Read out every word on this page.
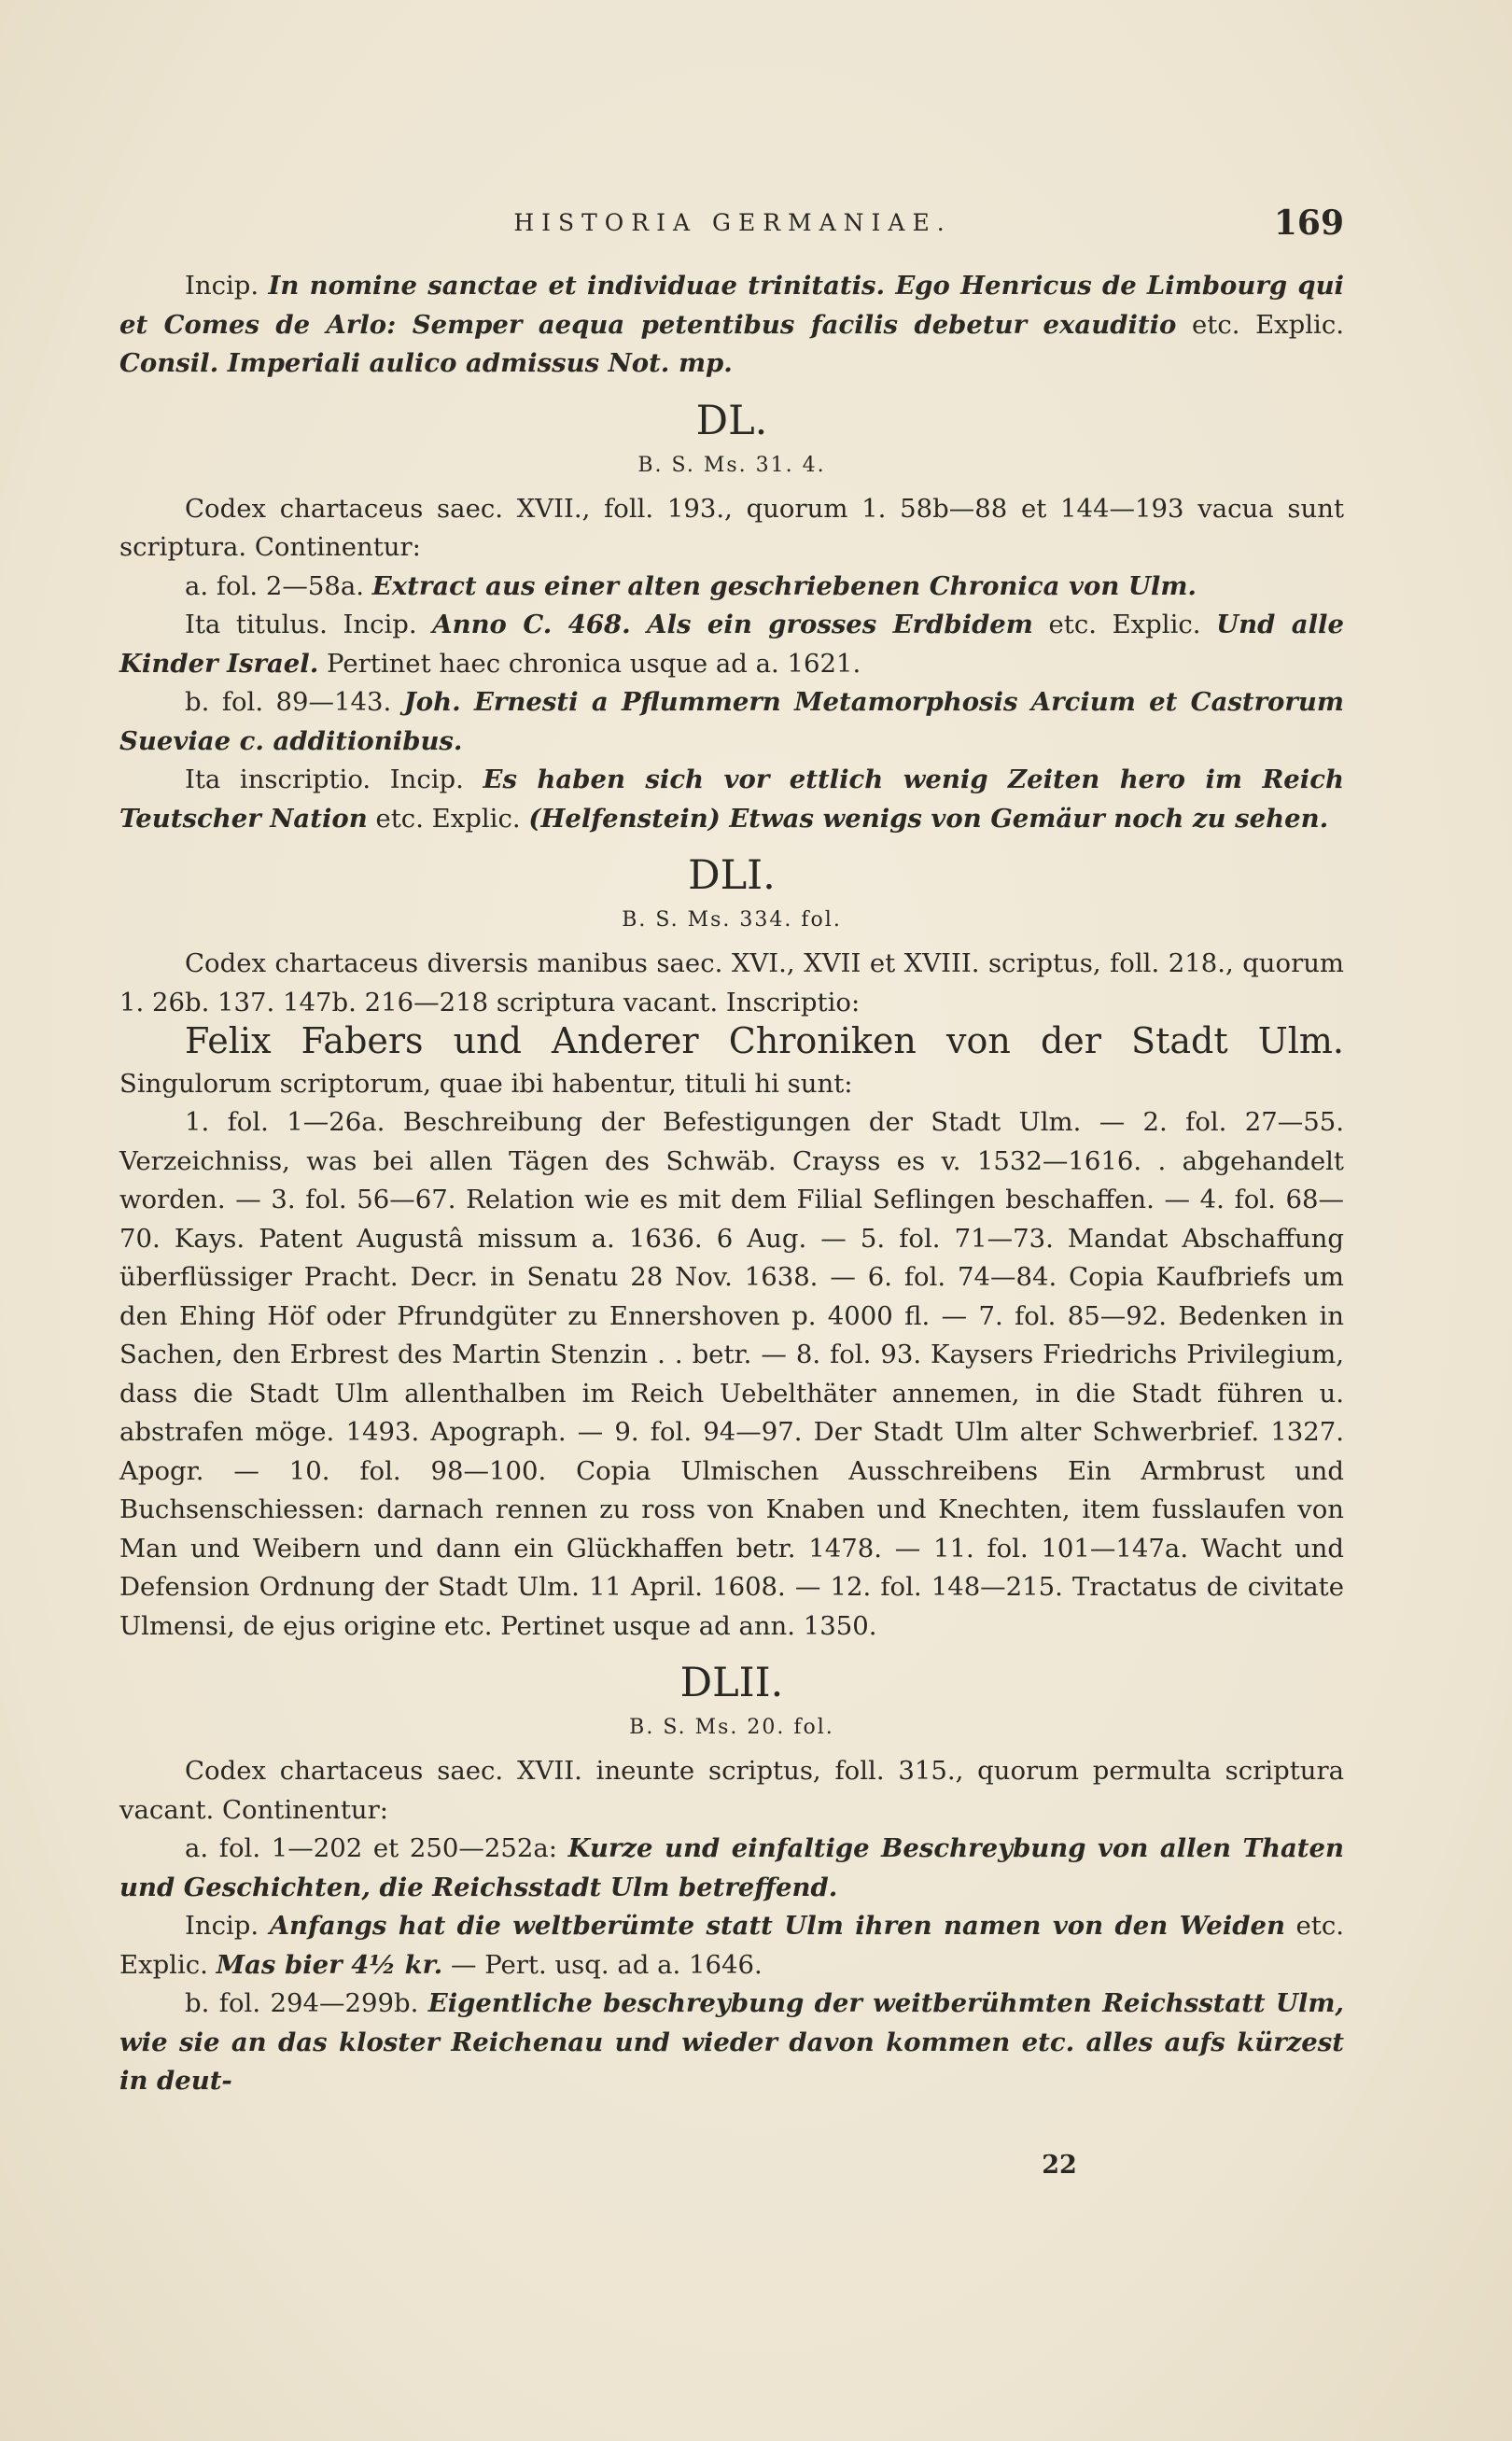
HISTORIA GERMANIAE.	169

Incip. In nomine sanctae et individuae trinitatis. Ego Henricus de Limbourg qui et Comes de Arlo: Semper aequa petentibus facilis debetur exauditio etc. Explic. Consil. Imperiali aulico admissus Not. mp.

DL.
B. S. Ms. 31. 4.

Codex chartaceus saec. XVII., foll. 193., quorum 1. 58b—88 et 144—193 vacua sunt scriptura. Continentur:

a. fol. 2—58a. Extract aus einer alten geschriebenen Chronica von Ulm.

Ita titulus. Incip. Anno C. 468. Als ein grosses Erdbidem etc. Explic. Und alle Kinder Israel. Pertinet haec chronica usque ad a. 1621.

b. fol. 89—143. Joh. Ernesti a Pflummern Metamorphosis Arcium et Castrorum Sueviae c. additionibus.

Ita inscriptio. Incip. Es haben sich vor ettlich wenig Zeiten hero im Reich Teutscher Nation etc. Explic. (Helfenstein) Etwas wenigs von Gemäur noch zu sehen.

DLI.
B. S. Ms. 334. fol.

Codex chartaceus diversis manibus saec. XVI., XVII et XVIII. scriptus, foll. 218., quorum 1. 26b. 137. 147b. 216—218 scriptura vacant. Inscriptio:

Felix Fabers und Anderer Chroniken von der Stadt Ulm. Singulorum scriptorum, quae ibi habentur, tituli hi sunt:

1. fol. 1—26a. Beschreibung der Befestigungen der Stadt Ulm. — 2. fol. 27—55. Verzeichniss, was bei allen Tägen des Schwäb. Crayss es v. 1532—1616. . abgehandelt worden. — 3. fol. 56—67. Relation wie es mit dem Filial Seflingen beschaffen. — 4. fol. 68—70. Kays. Patent Augustâ missum a. 1636. 6 Aug. — 5. fol. 71—73. Mandat Abschaffung überflüssiger Pracht. Decr. in Senatu 28 Nov. 1638. — 6. fol. 74—84. Copia Kaufbriefs um den Ehing Höf oder Pfrundgüter zu Ennershoven p. 4000 fl. — 7. fol. 85—92. Bedenken in Sachen, den Erbrest des Martin Stenzin . . betr. — 8. fol. 93. Kaysers Friedrichs Privilegium, dass die Stadt Ulm allenthalben im Reich Uebelthäter annemen, in die Stadt führen u. abstrafen möge. 1493. Apograph. — 9. fol. 94—97. Der Stadt Ulm alter Schwerbrief. 1327. Apogr. — 10. fol. 98—100. Copia Ulmischen Ausschreibens Ein Armbrust und Buchsenschiessen: darnach rennen zu ross von Knaben und Knechten, item fusslaufen von Man und Weibern und dann ein Glückhaffen betr. 1478. — 11. fol. 101—147a. Wacht und Defension Ordnung der Stadt Ulm. 11 April. 1608. — 12. fol. 148—215. Tractatus de civitate Ulmensi, de ejus origine etc. Pertinet usque ad ann. 1350.

DLII.
B. S. Ms. 20. fol.

Codex chartaceus saec. XVII. ineunte scriptus, foll. 315., quorum permulta scriptura vacant. Continentur:

a. fol. 1—202 et 250—252a: Kurze und einfaltige Beschreybung von allen Thaten und Geschichten, die Reichsstadt Ulm betreffend.

Incip. Anfangs hat die weltberümte statt Ulm ihren namen von den Weiden etc. Explic. Mas bier 4½ kr. — Pert. usq. ad a. 1646.

b. fol. 294—299b. Eigentliche beschreybung der weitberühmten Reichsstatt Ulm, wie sie an das kloster Reichenau und wieder davon kommen etc. alles aufs kürzest in deut-

22
